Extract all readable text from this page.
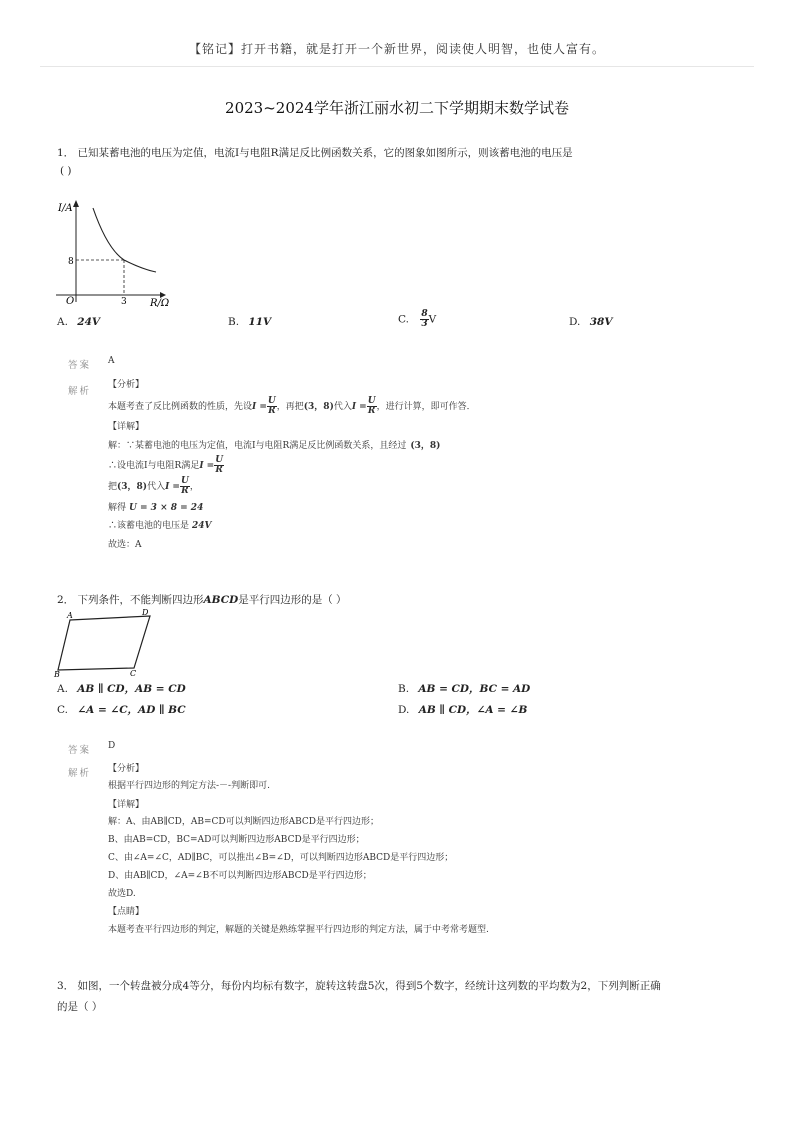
【铭记】打开书籍，就是打开一个新世界，阅读使人明智，也使人富有。
2023~2024学年浙江丽水初二下学期期末数学试卷
1． 已知某蓄电池的电压为定值，电流I与电阻R满足反比例函数关系，它的图象如图所示，则该蓄电池的电压是
( )
I/A
8
O	3 R/Ω
A. 24V	B. 11V	C. $\frac{8}{3}$ V	D. 38V
答案 A
解析
【分析】
本题考查了反比例函数的性质，先设$I = \frac{U}{R}$ ，再把(3，8)代入$I = \frac{U}{R}$ ，进行计算，即可作答．
【详解】
解：∵某蓄电池的电压为定值，电流I与电阻R满足反比例函数关系，且经过 (3，8)
∴设电流I与电阻R满足$I = \frac{U}{R}$
把(3，8)代入$I = \frac{U}{R}$ ，
解得 U = 3 × 8 = 24
∴该蓄电池的电压是 24V
故选：A
2． 下列条件，不能判断四边形ABCD是平行四边形的是（ ）
A
B	C
D
A. AB ∥ CD，AB = CD	B. AB = CD，BC = AD
C. ∠A = ∠C，AD ∥ BC	D. AB ∥ CD，∠A = ∠B
答案 D
解析 【分析】
根据平行四边形的判定方法-－-判断即可.
【详解】
解：A、由AB∥CD，AB=CD可以判断四边形ABCD是平行四边形；
B、由AB=CD，BC=AD可以判断四边形ABCD是平行四边形；
C、由∠A=∠C，AD∥BC，可以推出∠B=∠D，可以判断四边形ABCD是平行四边形；
D、由AB∥CD，∠A=∠B不可以判断四边形ABCD是平行四边形；
故选D.
【点睛】
本题考查平行四边形的判定，解题的关键是熟练掌握平行四边形的判定方法，属于中考常考题型.
3． 如图，一个转盘被分成4等分，每份内均标有数字，旋转这转盘5次，得到5个数字，经统计这列数的平均数为2，下列判断正确
的是（ ）
